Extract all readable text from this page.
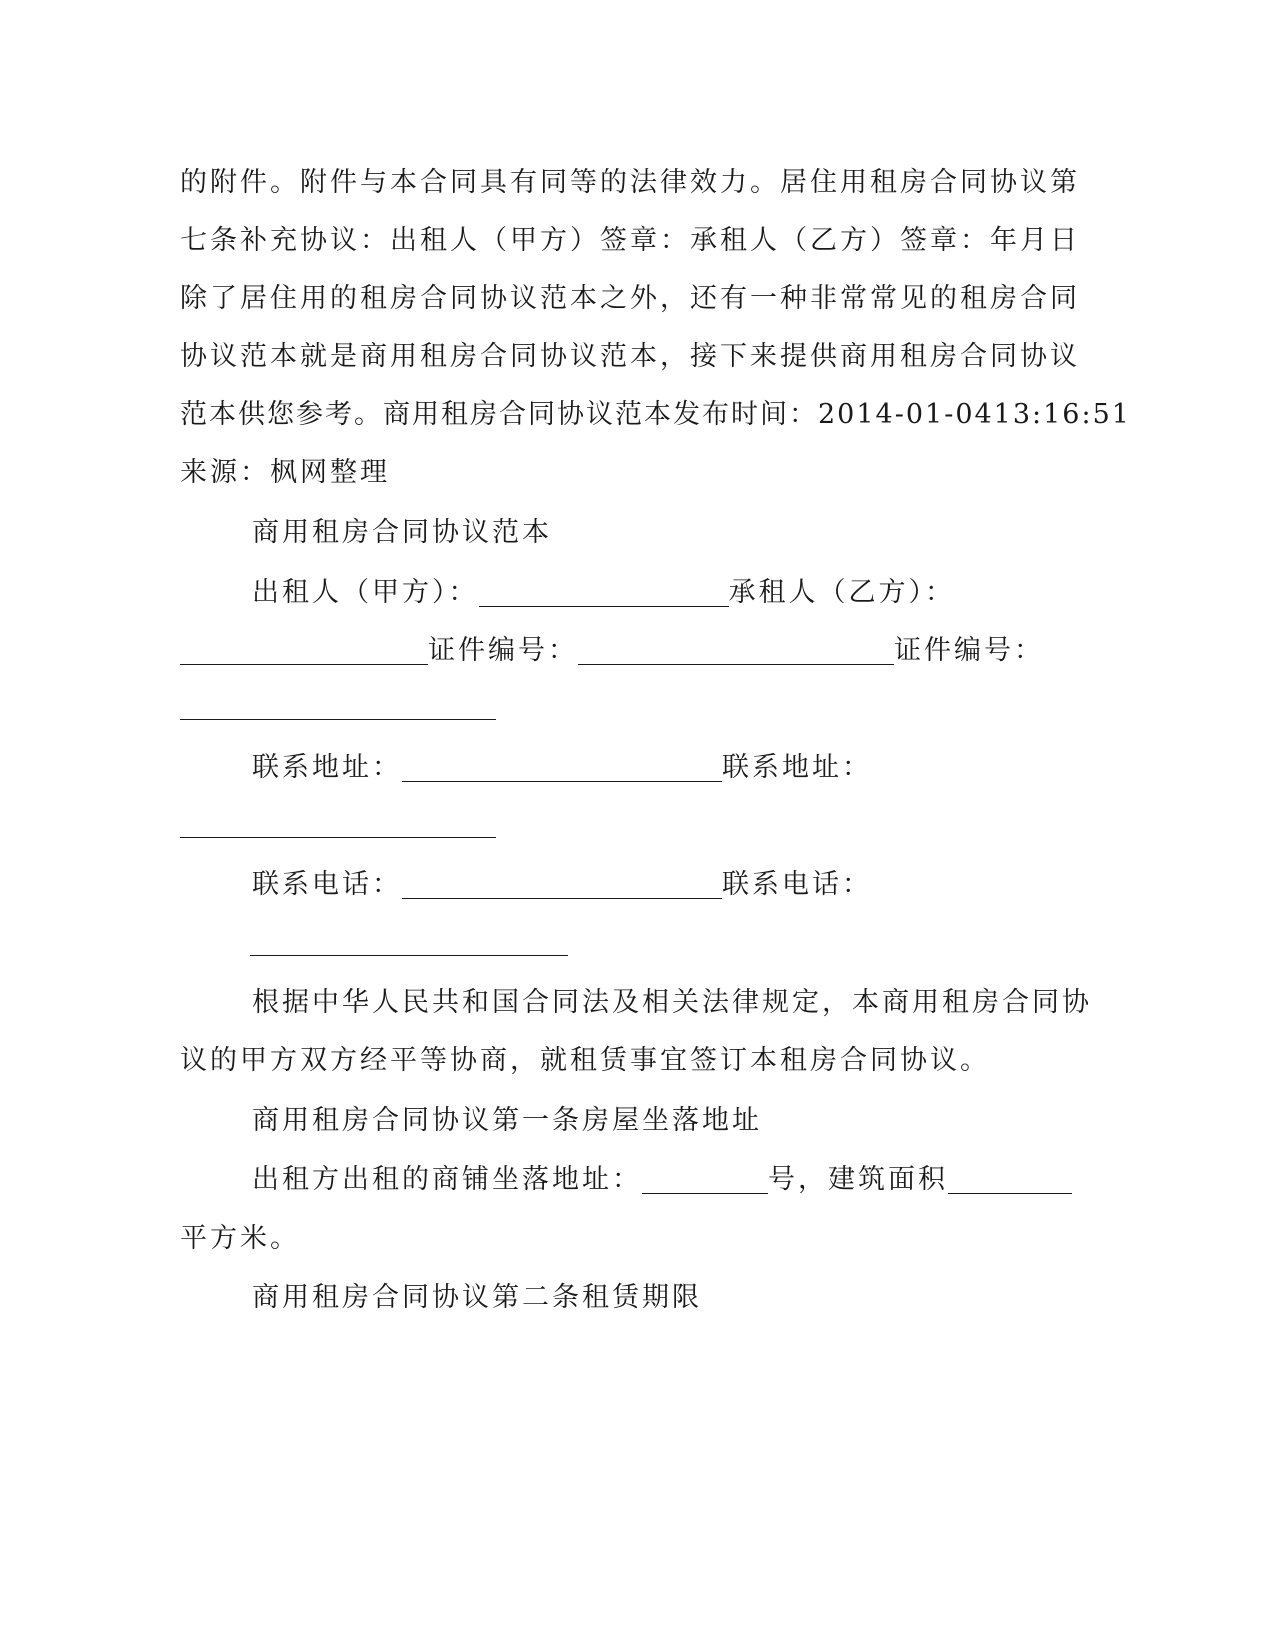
的附件。附件与本合同具有同等的法律效力。居住用租房合同协议第
七条补充协议：出租人（甲方）签章：承租人（乙方）签章：年月日
除了居住用的租房合同协议范本之外，还有一种非常常见的租房合同
协议范本就是商用租房合同协议范本，接下来提供商用租房合同协议
范本供您参考。商用租房合同协议范本发布时间：2014-01-0413:16:51
来源：枫网整理
商用租房合同协议范本
出租人（甲方）：	承租人（乙方）：
证件编号：	证件编号：
联系地址：	联系地址：
联系电话：	联系电话：
根据中华人民共和国合同法及相关法律规定，本商用租房合同协
议的甲方双方经平等协商，就租赁事宜签订本租房合同协议。
商用租房合同协议第一条房屋坐落地址
出租方出租的商铺坐落地址：	号，建筑面积
平方米。
商用租房合同协议第二条租赁期限
